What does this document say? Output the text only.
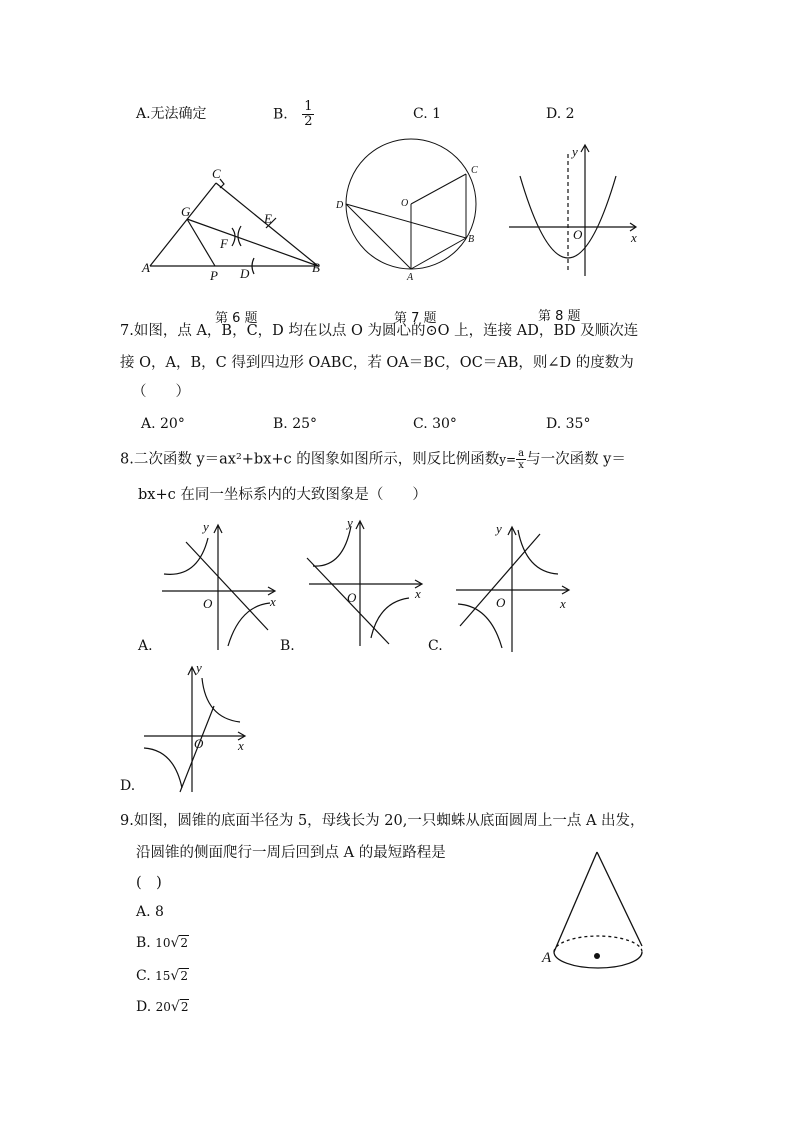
A.无法确定	B. $\frac{1}{2}$	C. 1	D. 2
C
G	E
F
A
P D	B
第 6 题
C
O
D
B
A
第 7 题
y
O	x
第 8 题
7.如图，点 A，B，C，D 均在以点 O 为圆心的⊙O 上，连接 AD，BD 及顺次连
接 O，A，B，C 得到四边形 OABC，若 OA＝BC，OC＝AB，则∠D 的度数为
（　　）
A. 20°	B. 25°	C. 30°	D. 35°
8.二次函数 y＝ax²+bx+c 的图象如图所示，则反比例函数$y= \frac{a}{x}$ 与一次函数 y＝
bx+c 在同一坐标系内的大致图象是（　　）
y
O	x
A.
y
O	x
B.
y
O	x
C.
y
O	x
D.
9.如图，圆锥的底面半径为 5，母线长为 20,一只蜘蛛从底面圆周上一点 A 出发，
沿圆锥的侧面爬行一周后回到点 A 的最短路程是
(　)
A. 8
B. 10√2
C. 15√2
D. 20√2
A
